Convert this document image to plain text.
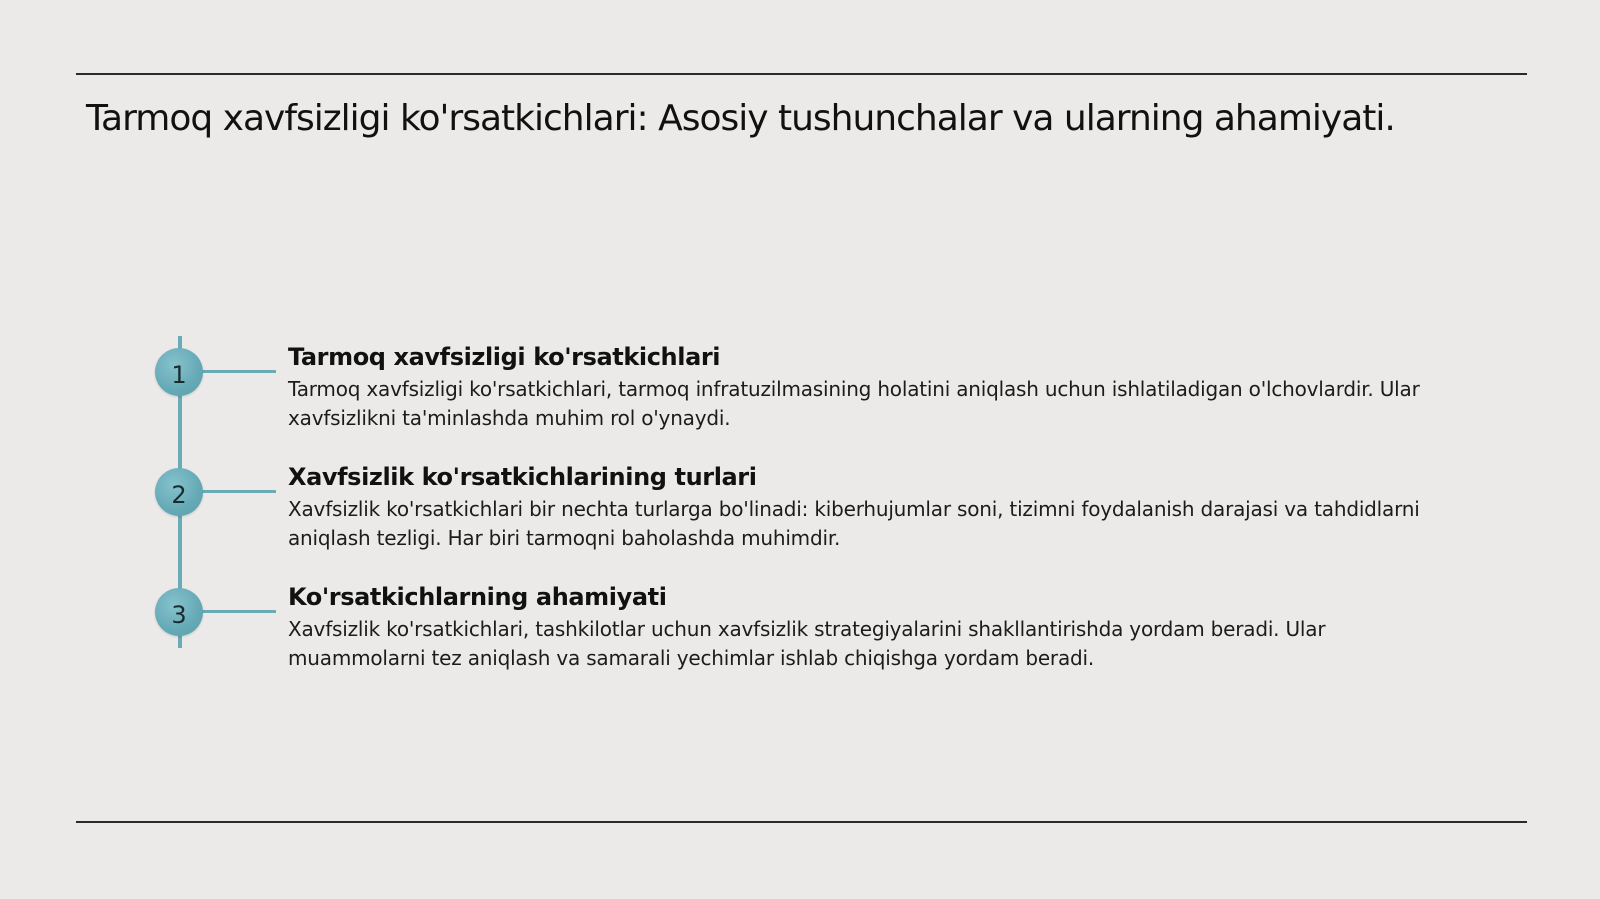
Tarmoq xavfsizligi ko'rsatkichlari: Asosiy tushunchalar va ularning ahamiyati.
1
Tarmoq xavfsizligi ko'rsatkichlari

Tarmoq xavfsizligi ko'rsatkichlari, tarmoq infratuzilmasining holatini aniqlash uchun ishlatiladigan o'lchovlardir. Ular xavfsizlikni ta'minlashda muhim rol o'ynaydi.

2
Xavfsizlik ko'rsatkichlarining turlari

Xavfsizlik ko'rsatkichlari bir nechta turlarga bo'linadi: kiberhujumlar soni, tizimni foydalanish darajasi va tahdidlarni aniqlash tezligi. Har biri tarmoqni baholashda muhimdir.

3
Ko'rsatkichlarning ahamiyati

Xavfsizlik ko'rsatkichlari, tashkilotlar uchun xavfsizlik strategiyalarini shakllantirishda yordam beradi. Ular muammolarni tez aniqlash va samarali yechimlar ishlab chiqishga yordam beradi.
